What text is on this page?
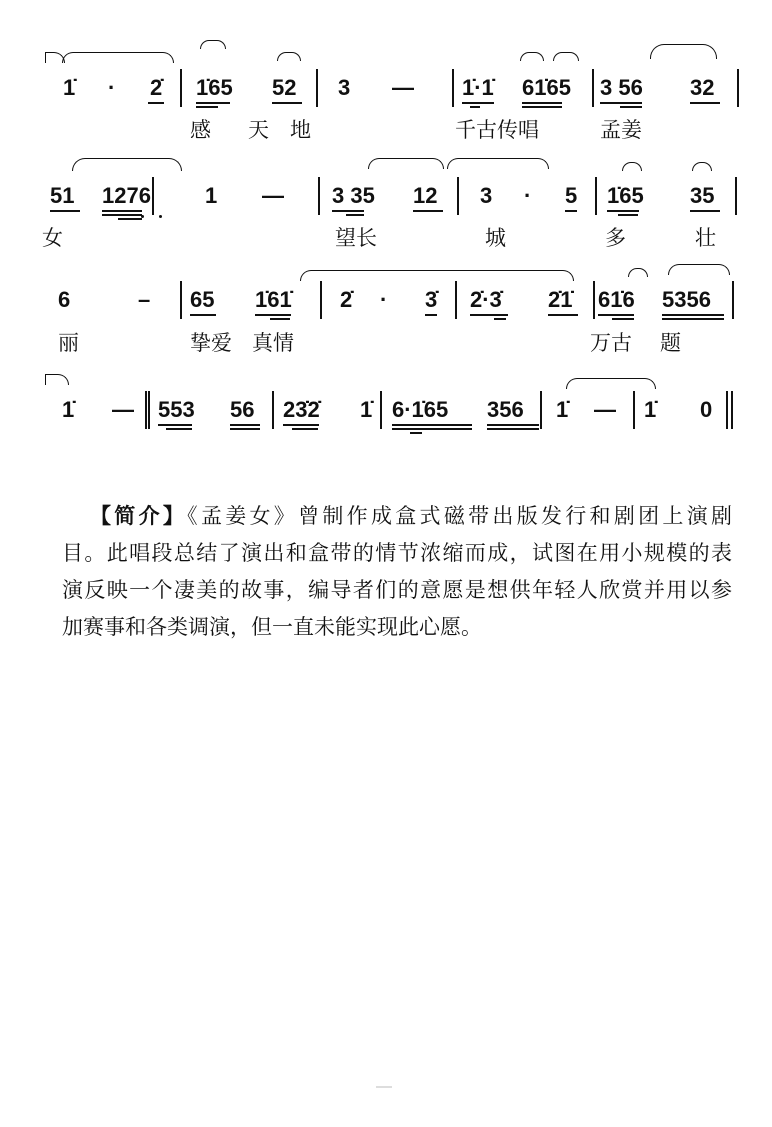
1̇ · 2̇ 1̇65 52 3 — 1̇·1̇ 61̇65 3 56 32
感 天 地	千古传唱	孟姜
51 1276 1 — 3 35 12 3 · 5 1̇65 35
女	望长	城	多	壮
6	– 65 1̇61̇ 2̇ · 3̇ 2̇·3̇ 2̇1̇ 61̇6 5356
丽	挚爱 真情	万古 题
1̇ — 553 56 23̇2̇ 1̇ 6·1̇65 356 1̇ — 1̇ 0
【简介】《孟姜女》曾制作成盒式磁带出版发行和剧团上演剧
目。此唱段总结了演出和盒带的情节浓缩而成，试图在用小规模的表
演反映一个凄美的故事，编导者们的意愿是想供年轻人欣赏并用以参
加赛事和各类调演，但一直未能实现此心愿。
